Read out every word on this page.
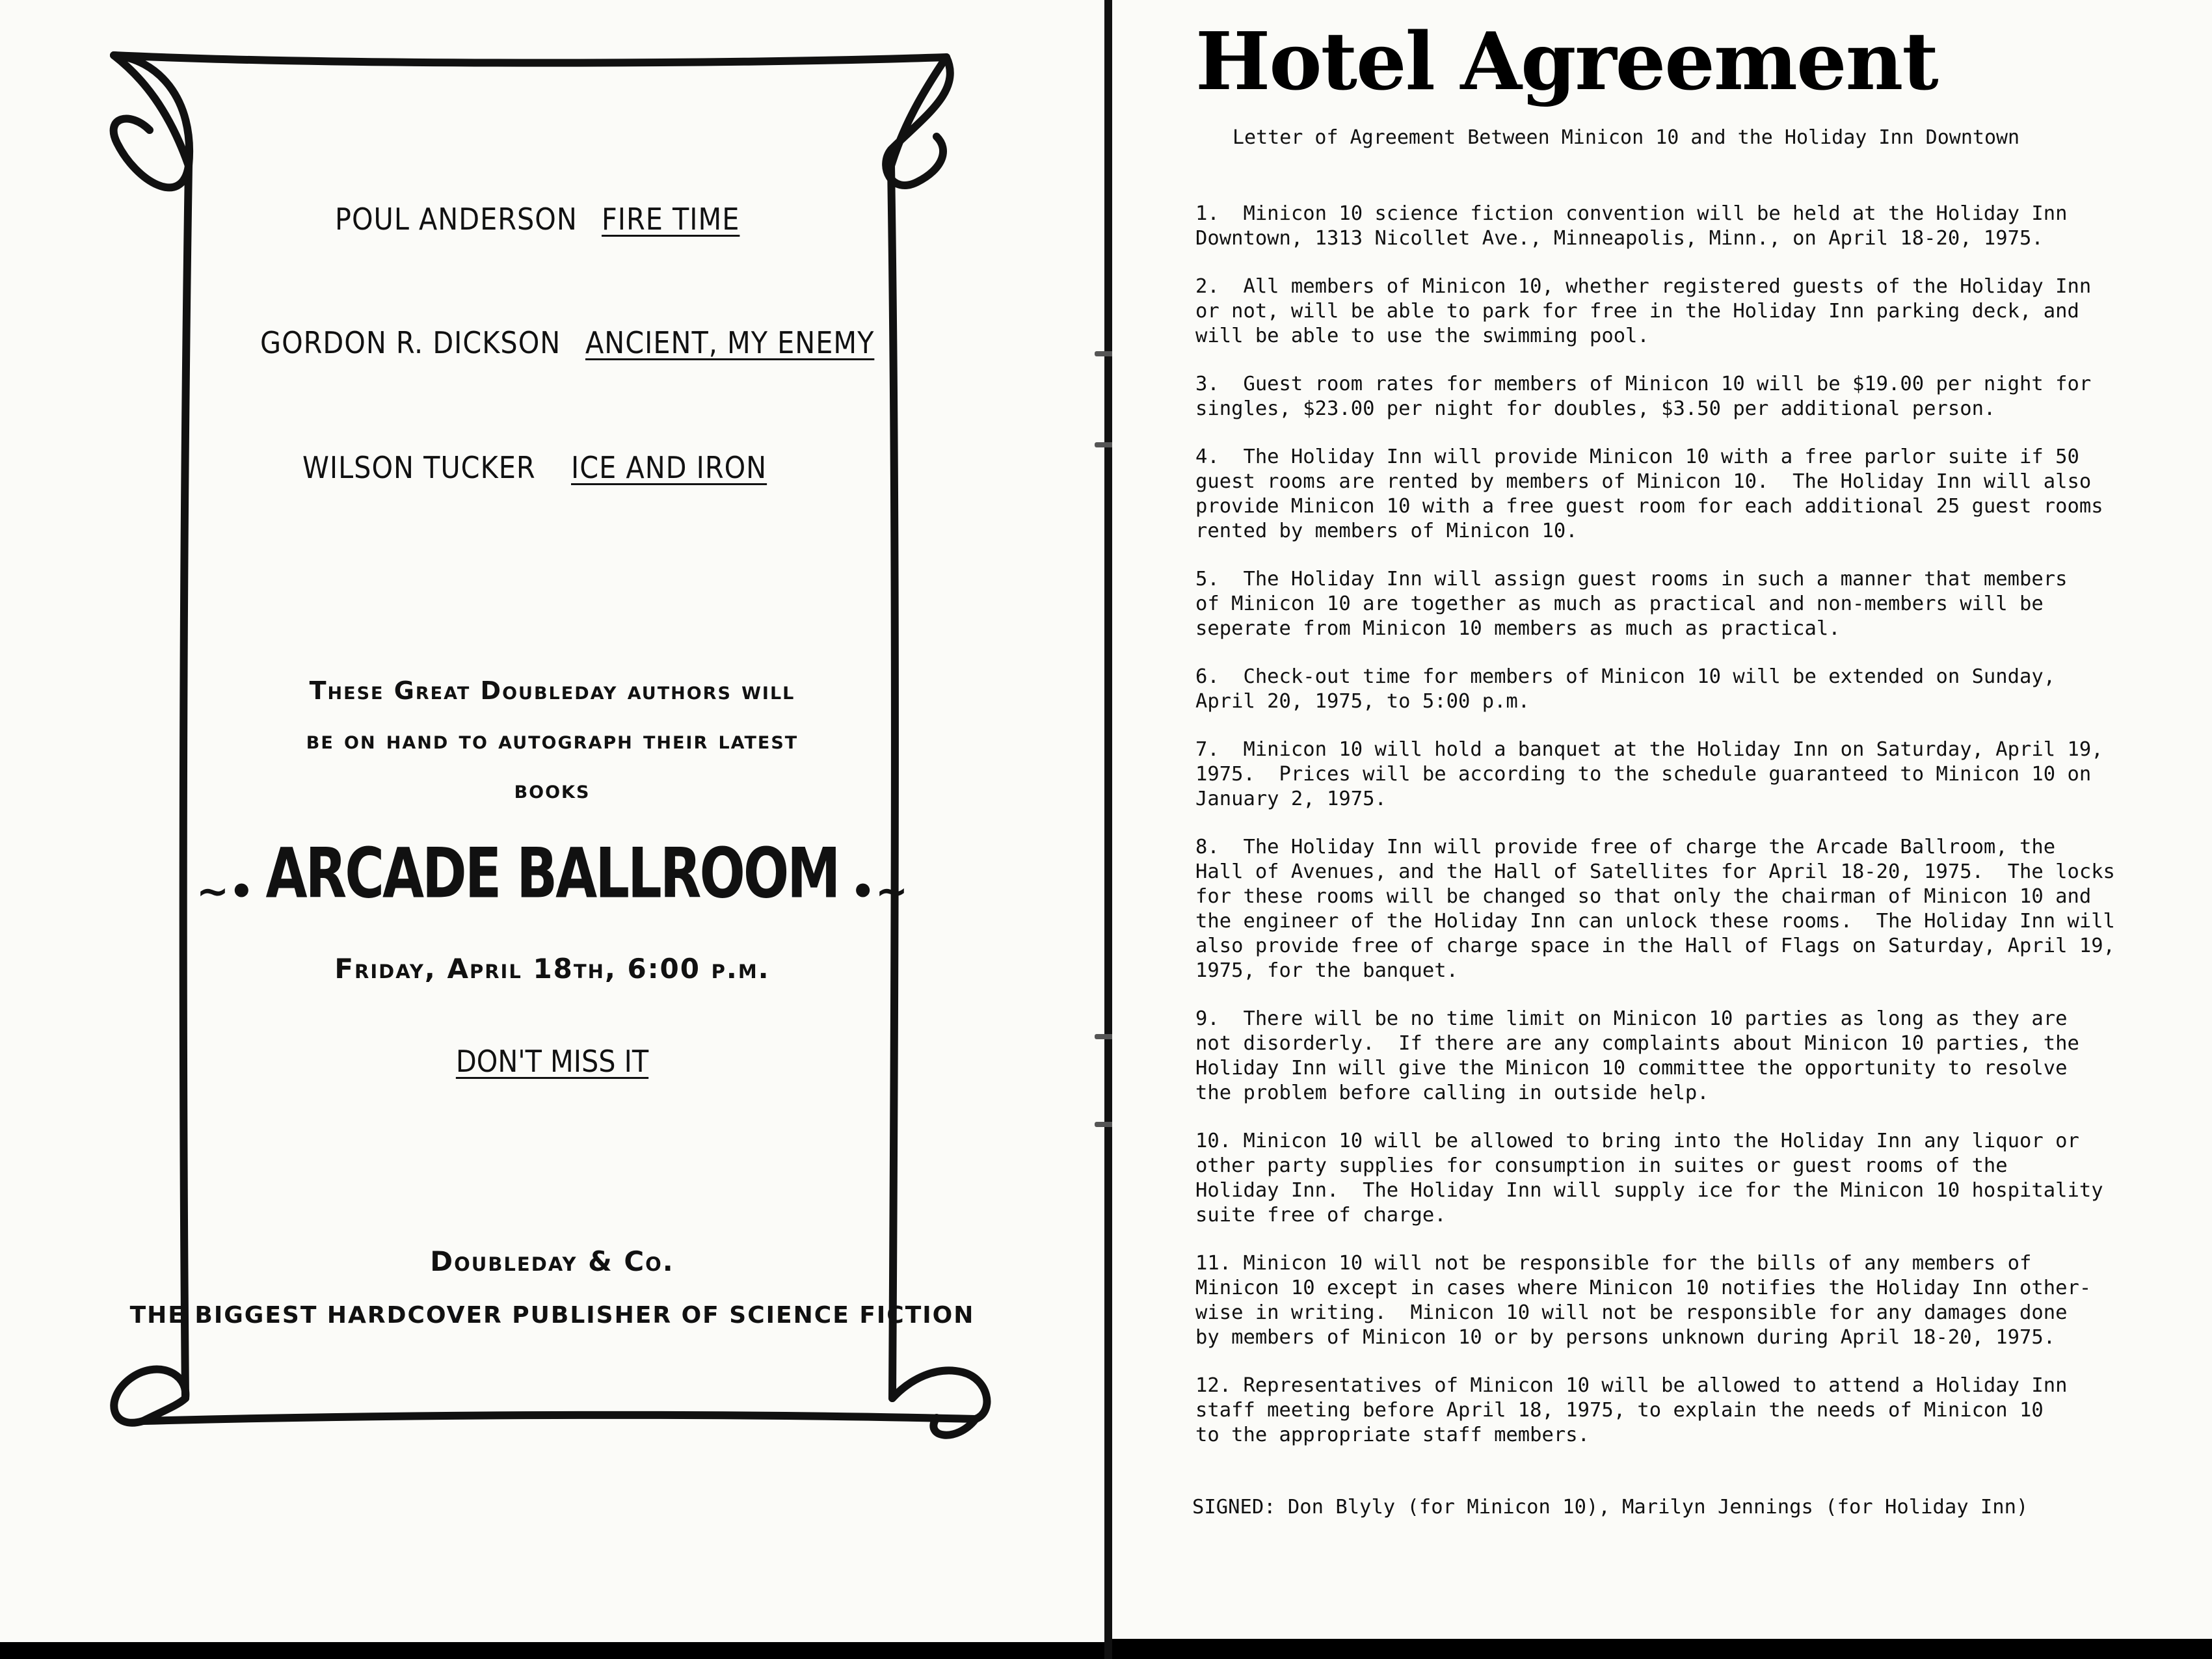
POUL ANDERSON FIRE TIME
GORDON R. DICKSON ANCIENT, MY ENEMY
WILSON TUCKER ICE AND IRON
These Great Doubleday authors will
be on hand to autograph their latest
books
~• ARCADE BALLROOM •~
Friday, April 18th, 6:00 p.m.
DON'T MISS IT
Doubleday & Co.
THE BIGGEST HARDCOVER PUBLISHER OF SCIENCE FICTION
Hotel Agreement
Letter of Agreement Between Minicon 10 and the Holiday Inn Downtown

1.  Minicon 10 science fiction convention will be held at the Holiday Inn
Downtown, 1313 Nicollet Ave., Minneapolis, Minn., on April 18-20, 1975.

2.  All members of Minicon 10, whether registered guests of the Holiday Inn
or not, will be able to park for free in the Holiday Inn parking deck, and
will be able to use the swimming pool.

3.  Guest room rates for members of Minicon 10 will be $19.00 per night for
singles, $23.00 per night for doubles, $3.50 per additional person.

4.  The Holiday Inn will provide Minicon 10 with a free parlor suite if 50
guest rooms are rented by members of Minicon 10.  The Holiday Inn will also
provide Minicon 10 with a free guest room for each additional 25 guest rooms
rented by members of Minicon 10.

5.  The Holiday Inn will assign guest rooms in such a manner that members
of Minicon 10 are together as much as practical and non-members will be
seperate from Minicon 10 members as much as practical.

6.  Check-out time for members of Minicon 10 will be extended on Sunday,
April 20, 1975, to 5:00 p.m.

7.  Minicon 10 will hold a banquet at the Holiday Inn on Saturday, April 19,
1975.  Prices will be according to the schedule guaranteed to Minicon 10 on
January 2, 1975.

8.  The Holiday Inn will provide free of charge the Arcade Ballroom, the
Hall of Avenues, and the Hall of Satellites for April 18-20, 1975.  The locks
for these rooms will be changed so that only the chairman of Minicon 10 and
the engineer of the Holiday Inn can unlock these rooms.  The Holiday Inn will
also provide free of charge space in the Hall of Flags on Saturday, April 19,
1975, for the banquet.

9.  There will be no time limit on Minicon 10 parties as long as they are
not disorderly.  If there are any complaints about Minicon 10 parties, the
Holiday Inn will give the Minicon 10 committee the opportunity to resolve
the problem before calling in outside help.

10. Minicon 10 will be allowed to bring into the Holiday Inn any liquor or
other party supplies for consumption in suites or guest rooms of the
Holiday Inn.  The Holiday Inn will supply ice for the Minicon 10 hospitality
suite free of charge.

11. Minicon 10 will not be responsible for the bills of any members of
Minicon 10 except in cases where Minicon 10 notifies the Holiday Inn other-
wise in writing.  Minicon 10 will not be responsible for any damages done
by members of Minicon 10 or by persons unknown during April 18-20, 1975.

12. Representatives of Minicon 10 will be allowed to attend a Holiday Inn
staff meeting before April 18, 1975, to explain the needs of Minicon 10
to the appropriate staff members.

SIGNED: Don Blyly (for Minicon 10), Marilyn Jennings (for Holiday Inn)
